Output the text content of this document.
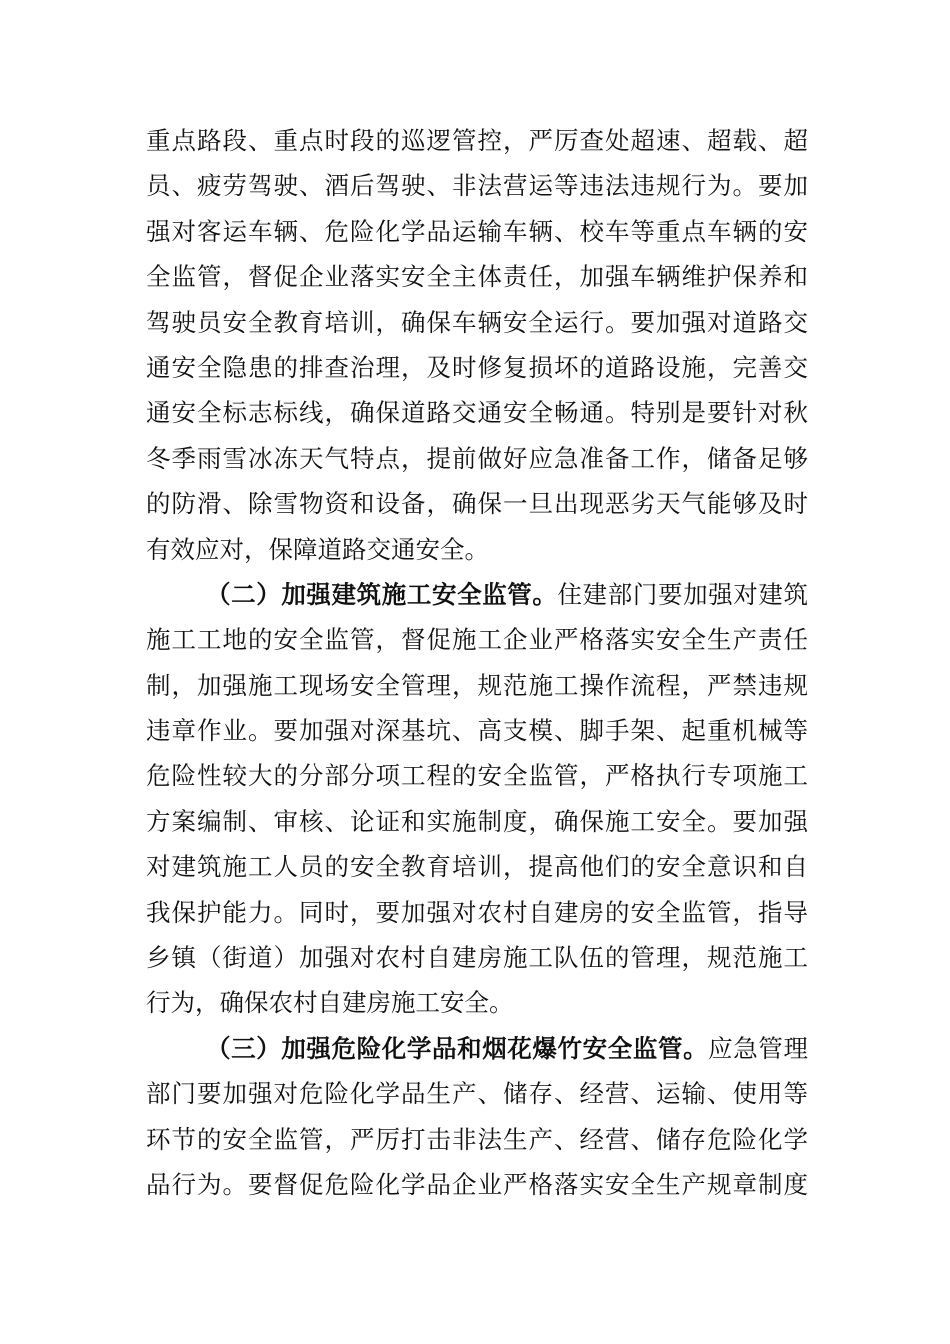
重点路段、重点时段的巡逻管控，严厉查处超速、超载、超
员、疲劳驾驶、酒后驾驶、非法营运等违法违规行为。要加
强对客运车辆、危险化学品运输车辆、校车等重点车辆的安
全监管，督促企业落实安全主体责任，加强车辆维护保养和
驾驶员安全教育培训，确保车辆安全运行。要加强对道路交
通安全隐患的排查治理，及时修复损坏的道路设施，完善交
通安全标志标线，确保道路交通安全畅通。特别是要针对秋
冬季雨雪冰冻天气特点，提前做好应急准备工作，储备足够
的防滑、除雪物资和设备，确保一旦出现恶劣天气能够及时
有效应对，保障道路交通安全。
（二）加强建筑施工安全监管。住建部门要加强对建筑
施工工地的安全监管，督促施工企业严格落实安全生产责任
制，加强施工现场安全管理，规范施工操作流程，严禁违规
违章作业。要加强对深基坑、高支模、脚手架、起重机械等
危险性较大的分部分项工程的安全监管，严格执行专项施工
方案编制、审核、论证和实施制度，确保施工安全。要加强
对建筑施工人员的安全教育培训，提高他们的安全意识和自
我保护能力。同时，要加强对农村自建房的安全监管，指导
乡镇（街道）加强对农村自建房施工队伍的管理，规范施工
行为，确保农村自建房施工安全。
（三）加强危险化学品和烟花爆竹安全监管。应急管理
部门要加强对危险化学品生产、储存、经营、运输、使用等
环节的安全监管，严厉打击非法生产、经营、储存危险化学
品行为。要督促危险化学品企业严格落实安全生产规章制度
